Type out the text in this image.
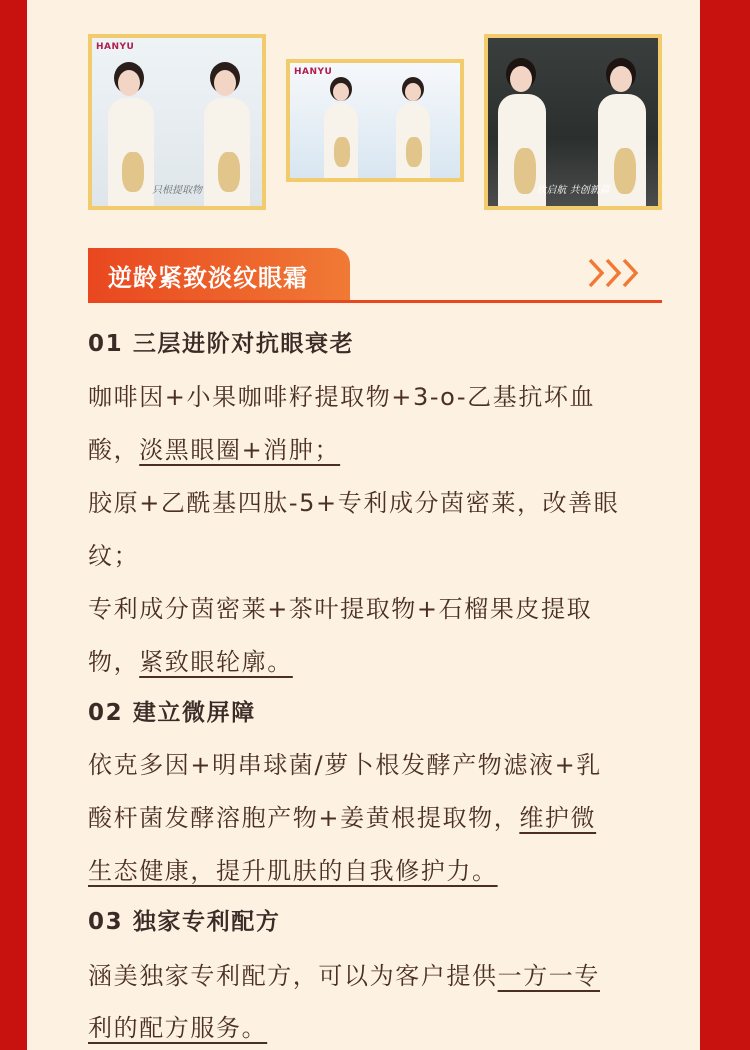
HANYU
只根提取物
HANYU
妆启航 共创新篇
逆龄紧致淡纹眼霜
01 三层进阶对抗眼衰老
咖啡因+小果咖啡籽提取物+3-o-乙基抗坏血
酸，淡黑眼圈+消肿；
胶原+乙酰基四肽-5+专利成分茵密莱，改善眼
纹；
专利成分茵密莱+茶叶提取物+石榴果皮提取
物，紧致眼轮廓。
02 建立微屏障
依克多因+明串球菌/萝卜根发酵产物滤液+乳
酸杆菌发酵溶胞产物+姜黄根提取物，维护微
生态健康，提升肌肤的自我修护力。
03 独家专利配方
涵美独家专利配方，可以为客户提供一方一专
利的配方服务。
